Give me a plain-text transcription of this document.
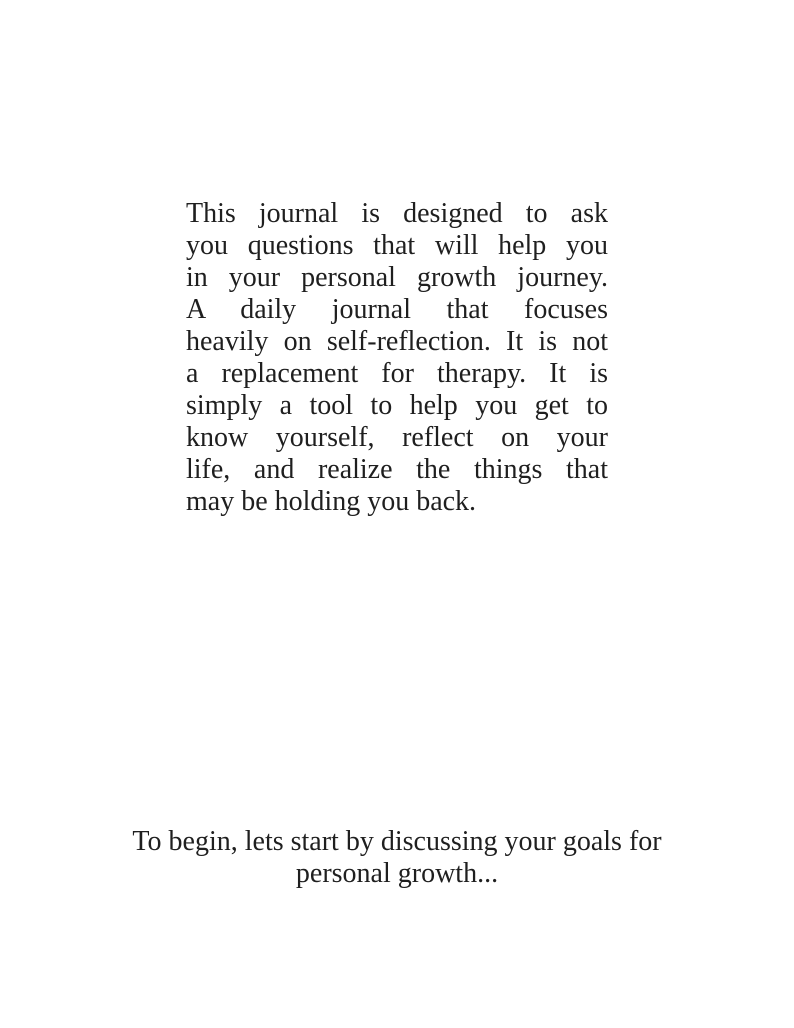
This journal is designed to ask
you questions that will help you
in your personal growth journey.
A daily journal that focuses
heavily on self-reflection. It is not
a replacement for therapy. It is
simply a tool to help you get to
know yourself, reflect on your
life, and realize the things that
may be holding you back.

To begin, lets start by discussing your goals for
personal growth...
